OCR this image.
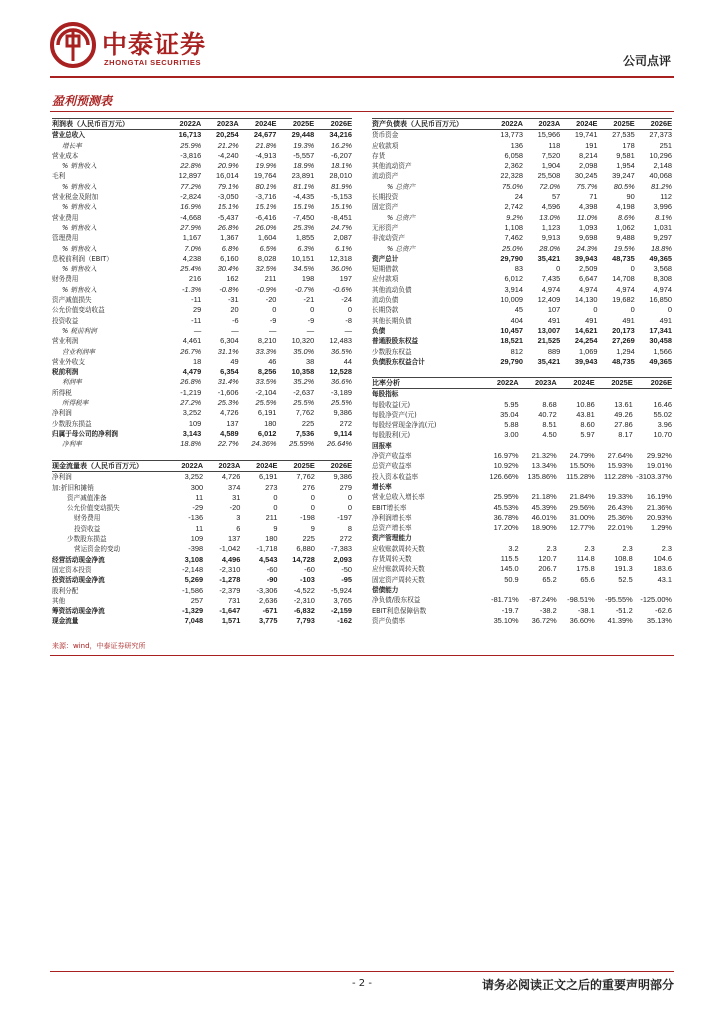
中泰证券
ZHONGTAI SECURITIES	公司点评
盈利预测表
利润表（人民币百万元）	2022A	2023A	2024E	2025E	2026E
营业总收入	16,713	20,254	24,677	29,448	34,216
增长率	25.9%	21.2%	21.8%	19.3%	16.2%
营业成本	-3,816	-4,240	-4,913	-5,557	-6,207
% 销售收入	22.8%	20.9%	19.9%	18.9%	18.1%
毛利	12,897	16,014	19,764	23,891	28,010
% 销售收入	77.2%	79.1%	80.1%	81.1%	81.9%
营业税金及附加	-2,824	-3,050	-3,716	-4,435	-5,153
% 销售收入	16.9%	15.1%	15.1%	15.1%	15.1%
营业费用	-4,668	-5,437	-6,416	-7,450	-8,451
% 销售收入	27.9%	26.8%	26.0%	25.3%	24.7%
管理费用	1,167	1,367	1,604	1,855	2,087
% 销售收入	7.0%	6.8%	6.5%	6.3%	6.1%
息税前利润（EBIT）	4,238	6,160	8,028	10,151	12,318
% 销售收入	25.4%	30.4%	32.5%	34.5%	36.0%
财务费用	216	162	211	198	197
% 销售收入	-1.3%	-0.8%	-0.9%	-0.7%	-0.6%
资产减值损失	-11	-31	-20	-21	-24
公允价值变动收益	29	20	0	0	0
投资收益	-11	-6	-9	-9	-8
% 税前利润	—	—	—	—	—
营业利润	4,461	6,304	8,210	10,320	12,483
营业利润率	26.7%	31.1%	33.3%	35.0%	36.5%
营业外收支	18	49	46	38	44
税前利润	4,479	6,354	8,256	10,358	12,528
利润率	26.8%	31.4%	33.5%	35.2%	36.6%
所得税	-1,219	-1,606	-2,104	-2,637	-3,189
所得税率	27.2%	25.3%	25.5%	25.5%	25.5%
净利润	3,252	4,726	6,191	7,762	9,386
少数股东损益	109	137	180	225	272
归属于母公司的净利润	3,143	4,589	6,012	7,536	9,114
净利率	18.8%	22.7%	24.36%	25.59%	26.64%
资产负债表（人民币百万元）	2022A	2023A	2024E	2025E	2026E
货币资金	13,773	15,966	19,741	27,535	27,373
应收款项	136	118	191	178	251
存货	6,058	7,520	8,214	9,581	10,296
其他流动资产	2,362	1,904	2,098	1,954	2,148
流动资产	22,328	25,508	30,245	39,247	40,068
% 总资产	75.0%	72.0%	75.7%	80.5%	81.2%
长期投资	24	57	71	90	112
固定资产	2,742	4,596	4,398	4,198	3,996
% 总资产	9.2%	13.0%	11.0%	8.6%	8.1%
无形资产	1,108	1,123	1,093	1,062	1,031
非流动资产	7,462	9,913	9,698	9,488	9,297
% 总资产	25.0%	28.0%	24.3%	19.5%	18.8%
资产总计	29,790	35,421	39,943	48,735	49,365
短期借款	83	0	2,509	0	3,568
应付款项	6,012	7,435	6,647	14,708	8,308
其他流动负债	3,914	4,974	4,974	4,974	4,974
流动负债	10,009	12,409	14,130	19,682	16,850
长期贷款	45	107	0	0	0
其他长期负债	404	491	491	491	491
负债	10,457	13,007	14,621	20,173	17,341
普通股股东权益	18,521	21,525	24,254	27,269	30,458
少数股东权益	812	889	1,069	1,294	1,566
负债股东权益合计	29,790	35,421	39,943	48,735	49,365
比率分析	2022A	2023A	2024E	2025E	2026E
每股指标					
每股收益(元)	5.95	8.68	10.86	13.61	16.46
每股净资产(元)	35.04	40.72	43.81	49.26	55.02
每股经营现金净流(元)	5.88	8.51	8.60	27.86	3.96
每股股利(元)	3.00	4.50	5.97	8.17	10.70
回报率					
净资产收益率	16.97%	21.32%	24.79%	27.64%	29.92%
总资产收益率	10.92%	13.34%	15.50%	15.93%	19.01%
投入资本收益率	126.66%	135.86%	115.28%	112.28%	-3103.37%
增长率					
营业总收入增长率	25.95%	21.18%	21.84%	19.33%	16.19%
EBIT增长率	45.53%	45.39%	29.56%	26.43%	21.36%
净利润增长率	36.78%	46.01%	31.00%	25.36%	20.93%
总资产增长率	17.20%	18.90%	12.77%	22.01%	1.29%
资产管理能力					
应收账款周转天数	3.2	2.3	2.3	2.3	2.3
存货周转天数	115.5	120.7	114.8	108.8	104.6
应付账款周转天数	145.0	206.7	175.8	191.3	183.6
固定资产周转天数	50.9	65.2	65.6	52.5	43.1
偿债能力					
净负债/股东权益	-81.71%	-87.24%	-98.51%	-95.55%	-125.00%
EBIT利息保障倍数	-19.7	-38.2	-38.1	-51.2	-62.6
资产负债率	35.10%	36.72%	36.60%	41.39%	35.13%
现金流量表（人民币百万元）	2022A	2023A	2024E	2025E	2026E
净利润	3,252	4,726	6,191	7,762	9,386
加:折旧和摊销	300	374	273	276	279
资产减值准备	11	31	0	0	0
公允价值变动损失	-29	-20	0	0	0
财务费用	-136	3	211	-198	-197
投资收益	11	6	9	9	8
少数股东损益	109	137	180	225	272
营运资金的变动	-398	-1,042	-1,718	6,880	-7,383
经营活动现金净流	3,108	4,496	4,543	14,728	2,093
固定资本投资	-2,148	-2,310	-60	-60	-50
投资活动现金净流	5,269	-1,278	-90	-103	-95
股利分配	-1,586	-2,379	-3,306	-4,522	-5,924
其他	257	731	2,636	-2,310	3,765
筹资活动现金净流	-1,329	-1,647	-671	-6,832	-2,159
现金流量	7,048	1,571	3,775	7,793	-162
来源：wind，中泰证券研究所
- 2 -	请务必阅读正文之后的重要声明部分
